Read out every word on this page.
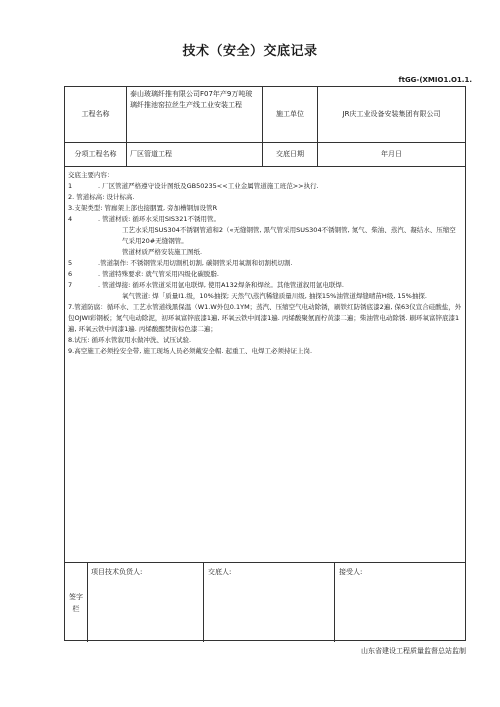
技术（安全）交底记录
ftGG-(XMIO1.O1.1.
工程名称
泰山玻璃纤推有限公司F07年产9万吨玻璃纤推池窑拉丝生产线工业安装工程
施工单位	JR庆工业设备安装集团有限公司
分项工程名称	厂区管道工程	交底日期	年月日
交底主要内容：
1	. 厂区管道严格遵守设计图纸及GB50235<<工业金属管道施工班范>>执行.
2. 管道标高: 设计标高.
3.支架类型: 管廊架上部也接胭置, 旁加槽钢加设管R
4	. 管道材质: 循环水采用SIS321不锈用管。
工艺水采用SUS304不锈钢管道和2（«无缝钢管, 黑气管采用SUS304不锈钢管, 氮气、柴油、蒸汽、凝结水、压缩空气采用20#无缝钢管。
管道材质严格安装施工图纸.
5	.管道制作: 不锈钢管采用切割机切割, 碳钢管采用氧割和切割机切割.
6	. 管道特殊要求: 就气管采用四级化碳脱脂.
7	. 管道焊接: 循环水管道采用氩电联焊, 使用A132焊条和焊丝。其他管道叙用氩电联焊.
氧气管道: 焊「质量I1.级，10%抽探; 天然气\蒸汽稀缝质量川级, 抽探15%油管道焊缝晴苗H级, 15%抽探.
7.管道防腐：循环水、工艺水管道线黑保温（W1.W外包0.1YM；蒸汽、压缩空气电动除锈，刷铁红防锈底漆2遍, 保63仪宣合硅酸盐，外包OJWI彩钢板；氮气电动除泥，初环氧富锌底漆1遍, 环氧云铁中间漆1遍. 丙烯酸聚氨面柠黄漆二遍；柴油管电动除锈. 刷环氧富锌底漆1遍, 环氧云铁中间漆1遍. 丙烯酸醒焚街棕色漆二遍；
8.试压: 循环水管叙用水做冲洗、试压试验.
9.高空施工必须拴安全带, 施工现场人员必须戴安全帽. 起重工、电焊工必须持证上岗.
签字
栏
项目技术负货人:	交底人:	接受人:
山东省建设工程质量监督总站监制
